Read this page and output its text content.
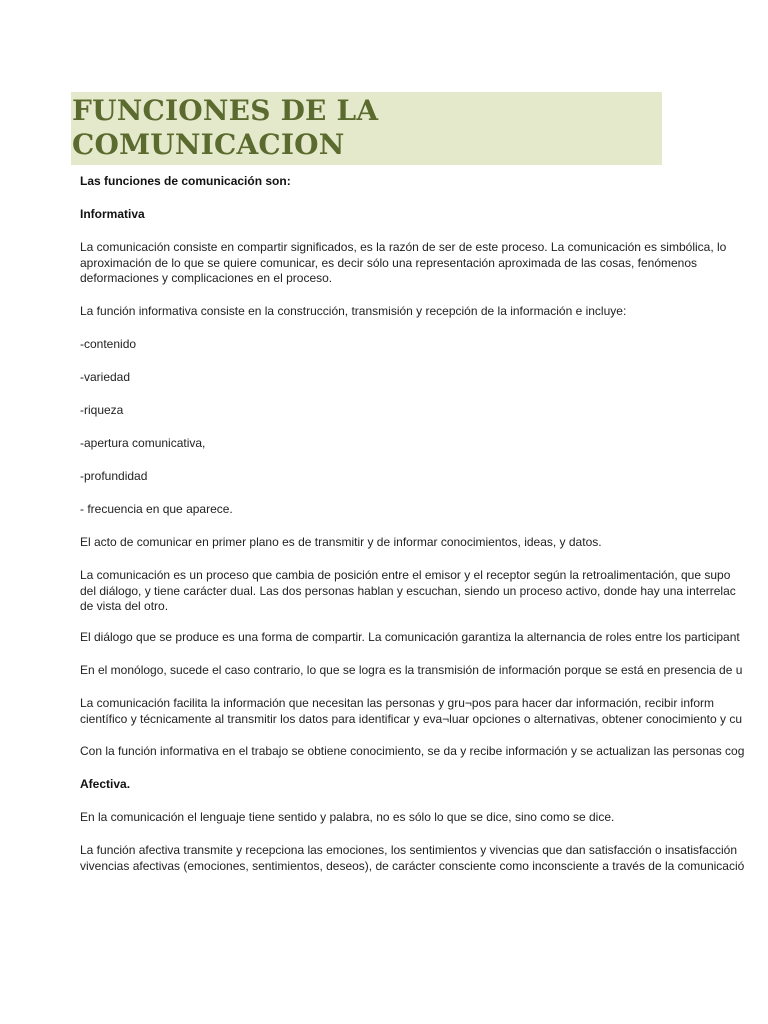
FUNCIONES DE LA
COMUNICACION
Las funciones de comunicación son:
Informativa
La comunicación consiste en compartir significados, es la razón de ser de este proceso. La comunicación es simbólica, lo
aproximación de lo que se quiere comunicar, es decir sólo una representación aproximada de las cosas, fenómenos
deformaciones y complicaciones en el proceso.
La función informativa consiste en la construcción, transmisión y recepción de la información e incluye:
-contenido
-variedad
-riqueza
-apertura comunicativa,
-profundidad
- frecuencia en que aparece.
El acto de comunicar en primer plano es de transmitir y de informar conocimientos, ideas, y datos.
La comunicación es un proceso que cambia de posición entre el emisor y el receptor según la retroalimentación, que supo
del diálogo, y tiene carácter dual. Las dos personas hablan y escuchan, siendo un proceso activo, donde hay una interrelac
de vista del otro.
El diálogo que se produce es una forma de compartir. La comunicación garantiza la alternancia de roles entre los participant
En el monólogo, sucede el caso contrario, lo que se logra es la transmisión de información porque se está en presencia de u
La comunicación facilita la información que necesitan las personas y gru¬pos para hacer dar información, recibir inform
científico y técnicamente al transmitir los datos para identificar y eva¬luar opciones o alternativas, obtener conocimiento y cu
Con la función informativa en el trabajo se obtiene conocimiento, se da y recibe información y se actualizan las personas cog
Afectiva.
En la comunicación el lenguaje tiene sentido y palabra, no es sólo lo que se dice, sino como se dice.
La función afectiva transmite y recepciona las emociones, los sentimientos y vivencias que dan satisfacción o insatisfacción
vivencias afectivas (emociones, sentimientos, deseos), de carácter consciente como inconsciente a través de la comunicació
